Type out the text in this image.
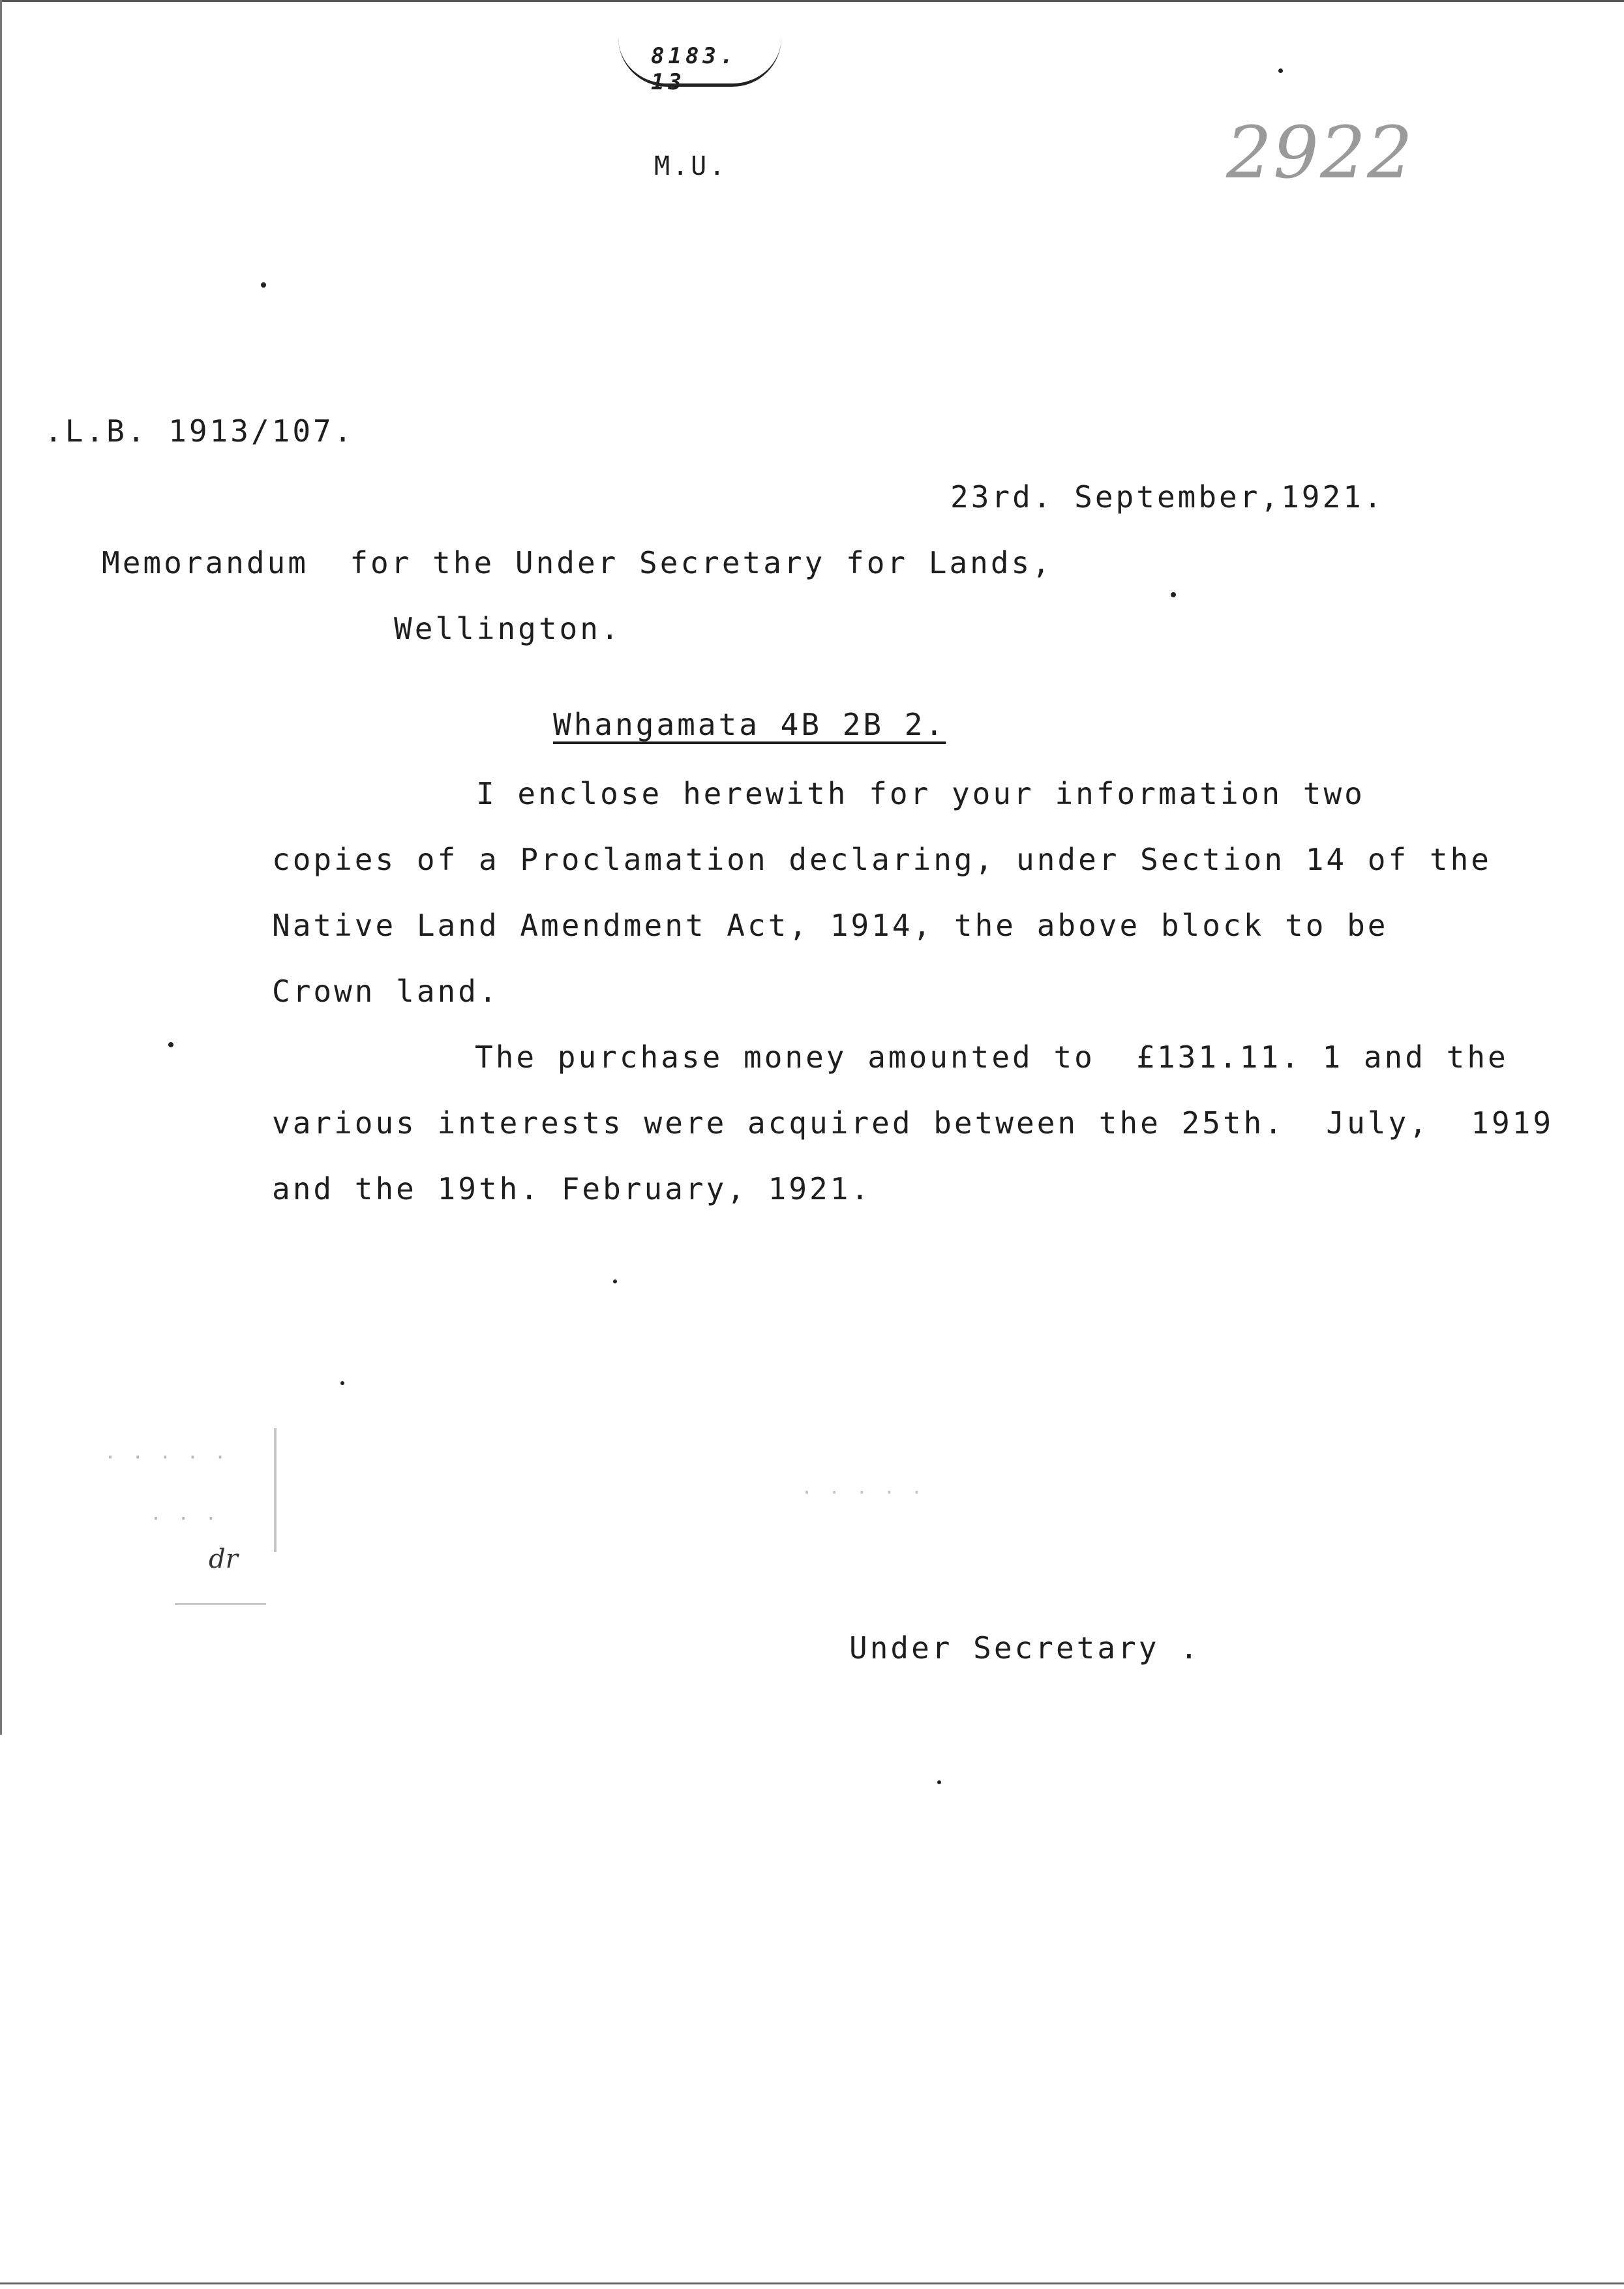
8183. 13
2922
M.U.
.L.B. 1913/107.
23rd. September,1921.
Memorandum  for the Under Secretary for Lands,
Wellington.
Whangamata 4B 2B 2.
I enclose herewith for your information two
copies of a Proclamation declaring, under Section 14 of the
Native Land Amendment Act, 1914, the above block to be
Crown land.
The purchase money amounted to  £131.11. 1 and the
various interests were acquired between the 25th.  July,  1919
and the 19th. February, 1921.
Under Secretary .
· · · · ·
· · ·
dr
· · · · ·
